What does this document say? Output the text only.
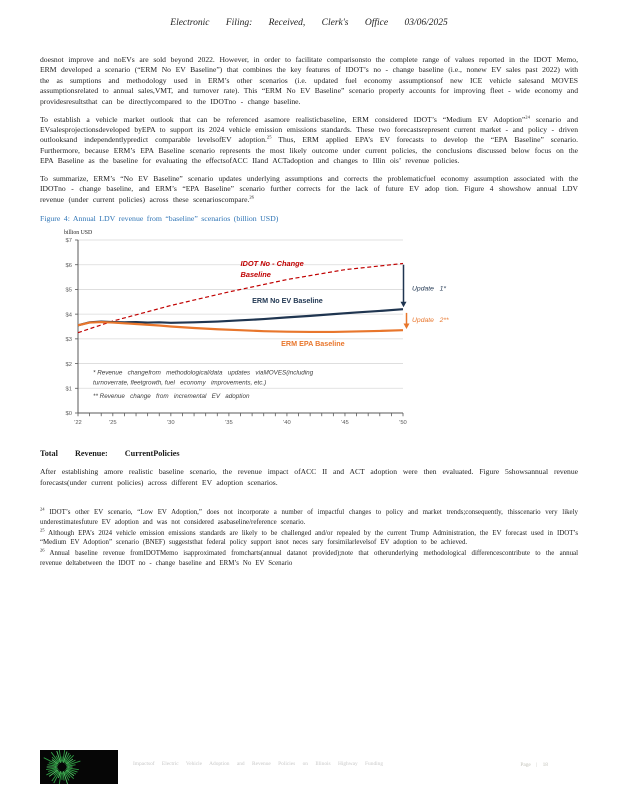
Electronic Filing: Received, Clerk's Office 03/06/2025

doesnot improve and noEVs are sold beyond 2022. However, in order to facilitate comparisonsto the complete range of values reported in the IDOT Memo, ERM developed a scenario (“ERM No EV Baseline”) that combines the key features of IDOT’s no - change baseline (i.e., nonew EV sales past 2022) with the as sumptions and methodology used in ERM’s other scenarios (i.e. updated fuel economy assumptionsof new ICE vehicle salesand MOVES assumptionsrelated to annual sales,VMT, and turnover rate). This “ERM No EV Baseline” scenario properly accounts for improving fleet - wide economy and providesresultsthat can be directlycompared to the IDOTno - change baseline.

To establish a vehicle market outlook that can be referenced asamore realisticbaseline, ERM considered IDOT’s “Medium EV Adoption”$^{24}$ scenario and EVsalesprojectionsdeveloped byEPA to support its 2024 vehicle emission emissions standards. These two forecastsrepresent current market - and policy - driven outlooksand independentlypredict comparable levelsofEV adoption.$^{25}$ Thus, ERM applied EPA’s EV forecasts to develop the “EPA Baseline” scenario. Furthermore, because ERM’s EPA Baseline scenario represents the most likely outcome under current policies, the conclusions discussed below focus on the EPA Baseline as the baseline for evaluating the effectsofACC IIand ACTadoption and changes to Illin ois’ revenue policies.

To summarize, ERM’s “No EV Baseline” scenario updates underlying assumptions and corrects the problematicfuel economy assumption associated with the IDOTno - change baseline, and ERM’s “EPA Baseline” scenario further corrects for the lack of future EV adop tion. Figure 4 showshow annual LDV revenue (under current policies) across these scenarioscompare.$^{26}$

Figure 4: Annual LDV revenue from “baseline” scenarios (billion USD)
billion USD
$7
$6
$5
$4
$3
$2
$1
$0
'22	'25	'30	'35	'40	'45	'50
IDOT No - Change
Baseline
ERM No EV Baseline
ERM EPA Baseline
Update   1*
Update   2**
* Revenue   changefrom   methodological/data   updates   viaMOVES(including
turnoverrate, fleetgrowth, fuel   economy   improvements, etc.)
** Revenue   change   from   incremental   EV   adoption
Total Revenue: CurrentPolicies

After establishing amore realistic baseline scenario, the revenue impact ofACC II and ACT adoption were then evaluated. Figure 5showsannual revenue forecasts(under current policies) across different EV adoption scenarios.

$^{24}$ IDOT’s other EV scenario, “Low EV Adoption,” does not incorporate a number of impactful changes to policy and market trends;consequently, thisscenario very likely underestimatesfuture EV adoption and was not considered asabaseline/reference scenario.
$^{25}$ Although EPA’s 2024 vehicle emission emissions standards are likely to be challenged and/or repealed by the current Trump Administration, the EV forecast used in IDOT’s “Medium EV Adoption” scenario (BNEF) suggeststhat federal policy support isnot neces sary forsimilarlevelsof EV adoption to be achieved.
$^{26}$ Annual baseline revenue fromIDOTMemo isapproximated fromcharts(annual datanot provided);note that otherunderlying methodological differencescontribute to the annual revenue deltabetween the IDOT no - change baseline and ERM’s No EV Scenario
Impactsof Electric Vehicle Adoption and Revenue Policies on Illinois Highway Funding	Page | 18
